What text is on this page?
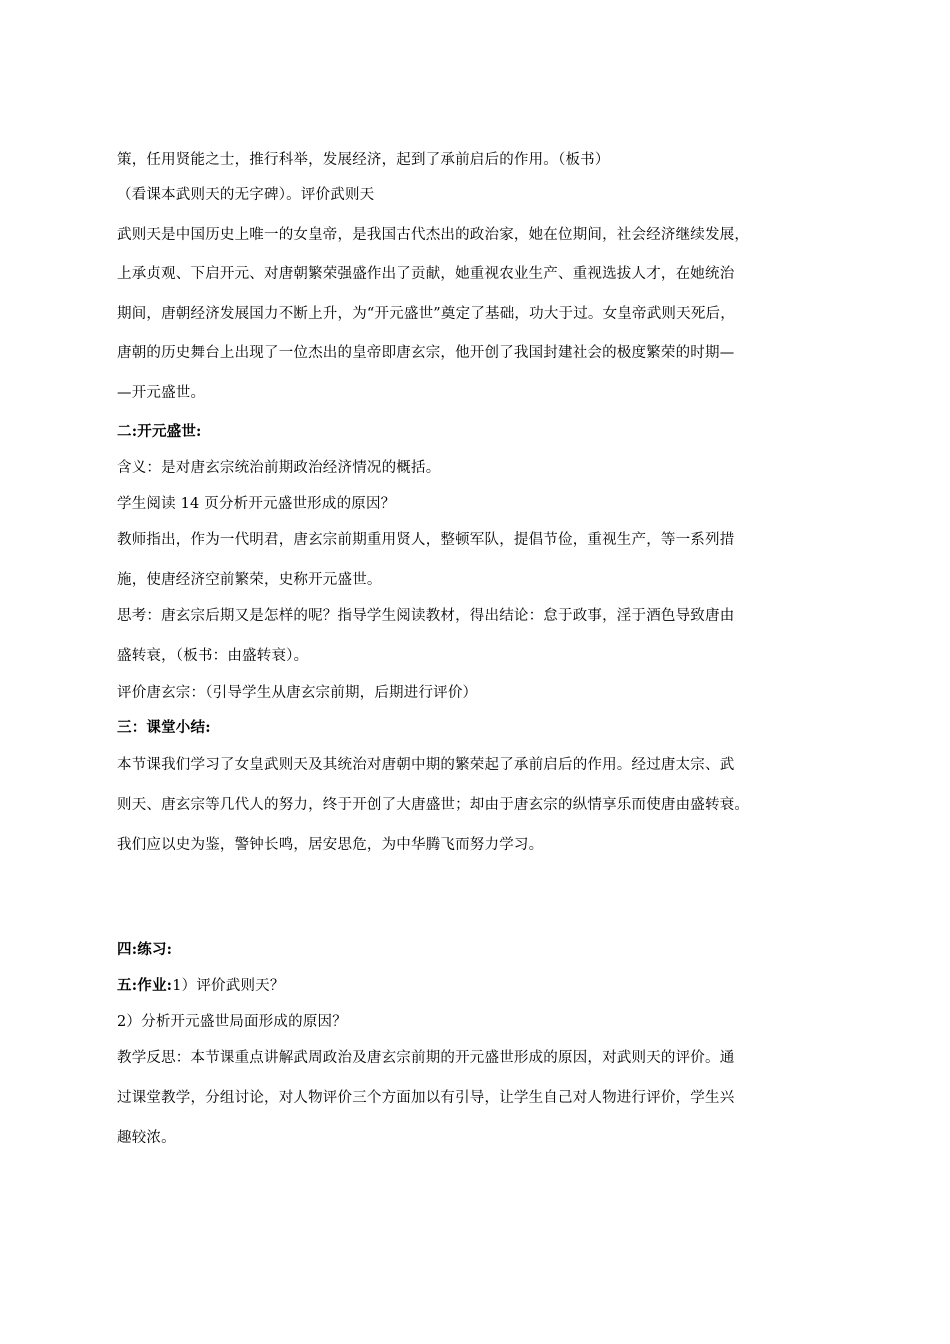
策，任用贤能之士，推行科举，发展经济，起到了承前启后的作用。（板书）
（看课本武则天的无字碑）。评价武则天
武则天是中国历史上唯一的女皇帝，是我国古代杰出的政治家，她在位期间，社会经济继续发展，
上承贞观、下启开元、对唐朝繁荣强盛作出了贡献，她重视农业生产、重视选拔人才，在她统治
期间，唐朝经济发展国力不断上升，为“开元盛世”奠定了基础，功大于过。女皇帝武则天死后，
唐朝的历史舞台上出现了一位杰出的皇帝即唐玄宗，他开创了我国封建社会的极度繁荣的时期—
—开元盛世。
二:开元盛世:
含义：是对唐玄宗统治前期政治经济情况的概括。
学生阅读 14 页分析开元盛世形成的原因？
教师指出，作为一代明君，唐玄宗前期重用贤人，整顿军队，提倡节俭，重视生产，等一系列措
施，使唐经济空前繁荣，史称开元盛世。
思考：唐玄宗后期又是怎样的呢？指导学生阅读教材，得出结论：怠于政事，淫于酒色导致唐由
盛转衰，（板书：由盛转衰）。
评价唐玄宗：（引导学生从唐玄宗前期，后期进行评价）
三：课堂小结:
本节课我们学习了女皇武则天及其统治对唐朝中期的繁荣起了承前启后的作用。经过唐太宗、武
则天、唐玄宗等几代人的努力，终于开创了大唐盛世；却由于唐玄宗的纵情享乐而使唐由盛转衰。
我们应以史为鉴，警钟长鸣，居安思危，为中华腾飞而努力学习。
四:练习:
五:作业:1）评价武则天？
2）分析开元盛世局面形成的原因？
教学反思：本节课重点讲解武周政治及唐玄宗前期的开元盛世形成的原因，对武则天的评价。通
过课堂教学，分组讨论，对人物评价三个方面加以有引导，让学生自己对人物进行评价，学生兴
趣较浓。
